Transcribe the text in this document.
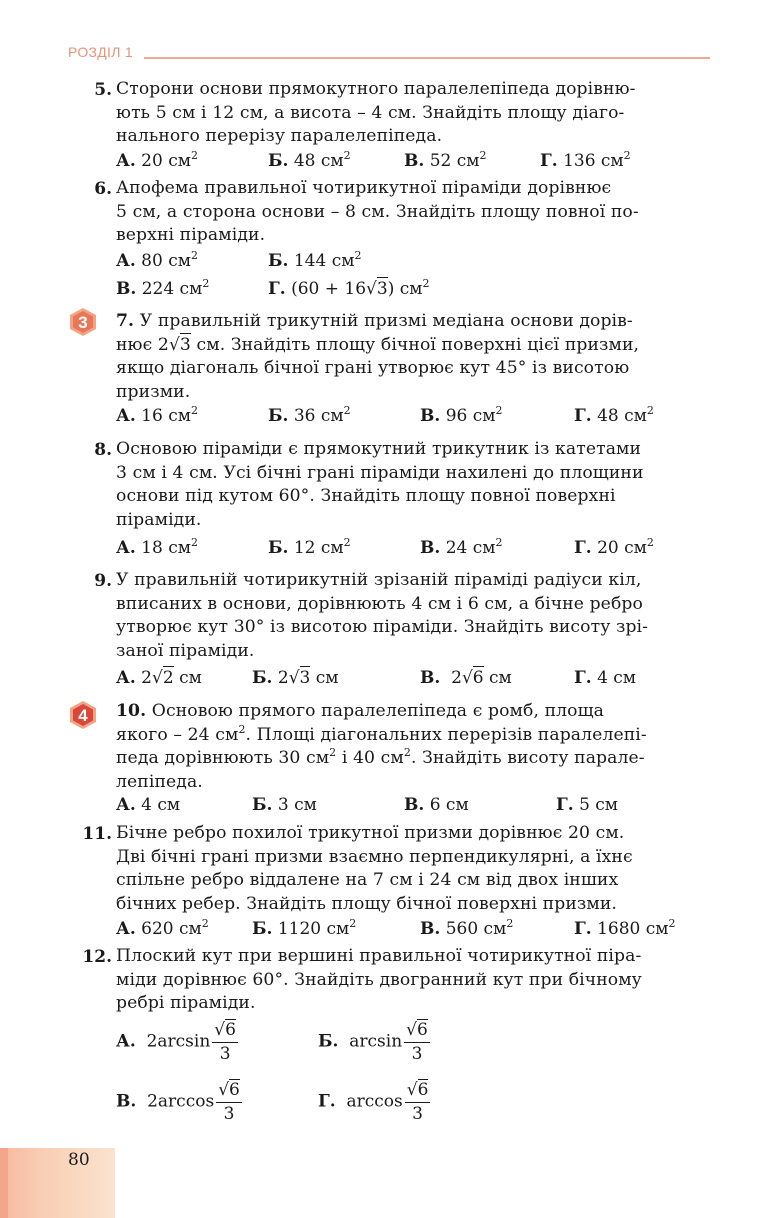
РОЗДІЛ 1
5. Сторони основи прямокутного паралелепіпеда дорівню-
ють 5 см і 12 см, а висота – 4 см. Знайдіть площу діаго-
нального перерізу паралелепіпеда.
А. 20 $см^2$	Б. 48 $см^2$	В. 52 $см^2$	Г. 136 $см^2$
6. Апофема правильної чотирикутної піраміди дорівнює
5 см, а сторона основи – 8 см. Знайдіть площу повної по-
верхні піраміди.
А. 80 $см^2$	Б. 144 $см^2$
В. 224 $см^2$	Г. (60 + 16√3) $см^2$
3 7. У правильній трикутній призмі медіана основи дорів-
нює 2√3 см. Знайдіть площу бічної поверхні цієї призми,
якщо діагональ бічної грані утворює кут 45° із висотою
призми.
А. 16 $см^2$	Б. 36 $см^2$	В. 96 $см^2$	Г. 48 $см^2$
8. Основою піраміди є прямокутний трикутник із катетами
3 см і 4 см. Усі бічні грані піраміди нахилені до площини
основи під кутом 60°. Знайдіть площу повної поверхні
піраміди.
А. 18 $см^2$	Б. 12 $см^2$	В. 24 $см^2$	Г. 20 $см^2$
9. У правильній чотирикутній зрізаній піраміді радіуси кіл,
вписаних в основи, дорівнюють 4 см і 6 см, а бічне ребро
утворює кут 30° із висотою піраміди. Знайдіть висоту зрі-
заної піраміди.
А. 2√2 см	Б. 2√3 см	В. 2√6 см	Г. 4 см
4 10. Основою прямого паралелепіпеда є ромб, площа
якого – 24 $см^2$. Площі діагональних перерізів паралелепі-
педа дорівнюють 30 $см^2$ і 40 $см^2$. Знайдіть висоту парале-
лепіпеда.
А. 4 см	Б. 3 см	В. 6 см	Г. 5 см
11. Бічне ребро похилої трикутної призми дорівнює 20 см.
Дві бічні грані призми взаємно перпендикулярні, а їхнє
спільне ребро віддалене на 7 см і 24 см від двох інших
бічних ребер. Знайдіть площу бічної поверхні призми.
А. 620 $см^2$	Б. 1120 $см^2$	В. 560 $см^2$	Г. 1680 $см^2$
12. Плоский кут при вершині правильної чотирикутної піра-
міди дорівнює 60°. Знайдіть двогранний кут при бічному
ребрі піраміди.
А. $2\arcsin \frac{√6}{3}$	Б. $\arcsin \frac{√6}{3}$
В. $2\arccos \frac{√6}{3}$	Г. $\arccos \frac{√6}{3}$
80
